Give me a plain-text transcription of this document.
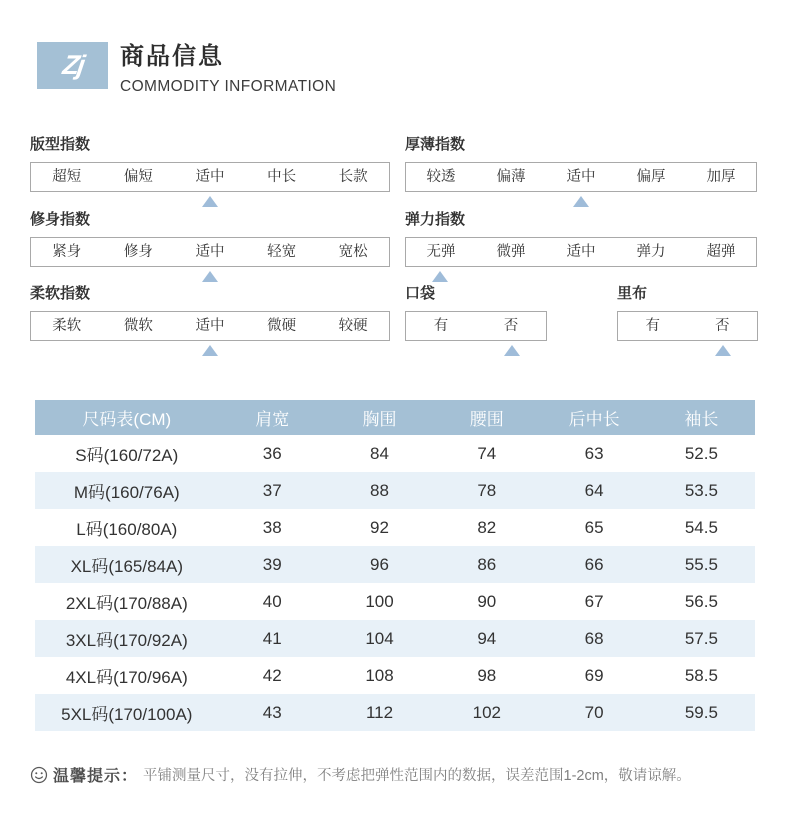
Zj 商品信息
COMMODITY INFORMATION
版型指数
超短	偏短	适中	中长	长款
厚薄指数
较透	偏薄	适中	偏厚	加厚
修身指数
紧身	修身	适中	轻宽	宽松
弹力指数
无弹	微弹	适中	弹力	超弹
柔软指数
柔软	微软	适中	微硬	较硬
口袋
有	否
里布
有	否
尺码表(CM)	肩宽	胸围	腰围	后中长	袖长
S码(160/72A)	36	84	74	63	52.5
M码(160/76A)	37	88	78	64	53.5
L码(160/80A)	38	92	82	65	54.5
XL码(165/84A)	39	96	86	66	55.5
2XL码(170/88A)	40	100	90	67	56.5
3XL码(170/92A)	41	104	94	68	57.5
4XL码(170/96A)	42	108	98	69	58.5
5XL码(170/100A)	43	112	102	70	59.5
温馨提示： 平铺测量尺寸，没有拉伸，不考虑把弹性范围内的数据，误差范围1-2cm，敬请谅解。
